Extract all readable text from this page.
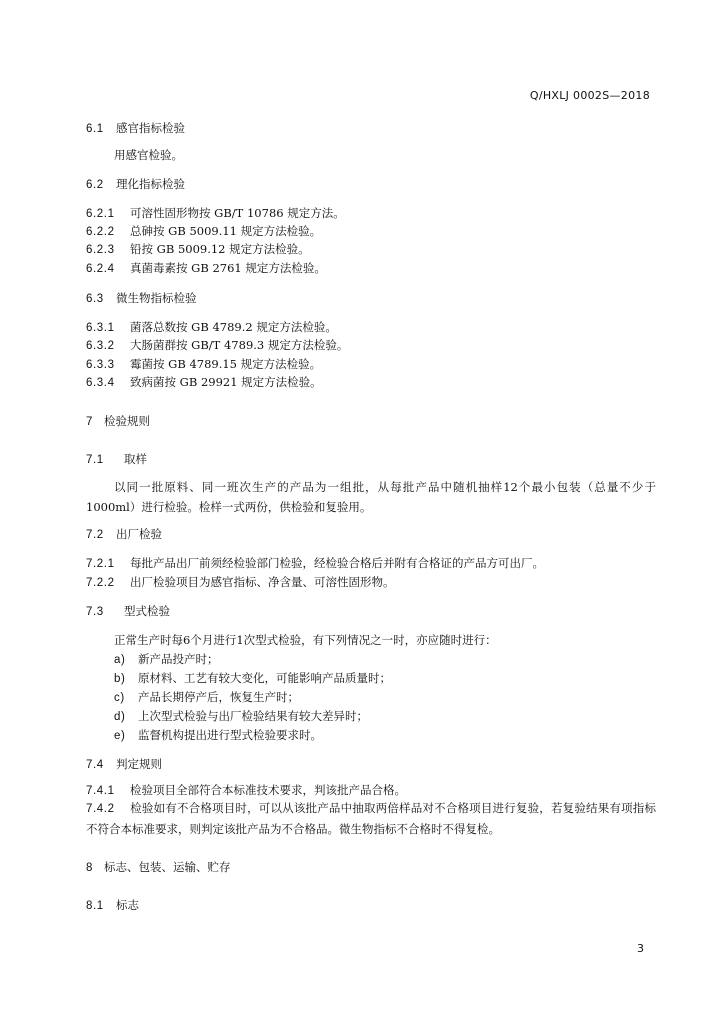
Q/HXLJ 0002S—2018
6.1 感官指标检验
用感官检验。
6.2 理化指标检验
6.2.1 可溶性固形物按 GB/T 10786 规定方法。
6.2.2 总砷按 GB 5009.11 规定方法检验。
6.2.3 铅按 GB 5009.12 规定方法检验。
6.2.4 真菌毒素按 GB 2761 规定方法检验。
6.3 微生物指标检验
6.3.1 菌落总数按 GB 4789.2 规定方法检验。
6.3.2 大肠菌群按 GB/T 4789.3 规定方法检验。
6.3.3 霉菌按 GB 4789.15 规定方法检验。
6.3.4 致病菌按 GB 29921 规定方法检验。
7 检验规则
7.1 取样

以同一批原料、同一班次生产的产品为一组批，从每批产品中随机抽样12个最小包装（总量不少于1000ml）进行检验。检样一式两份，供检验和复验用。

7.2 出厂检验
7.2.1 每批产品出厂前须经检验部门检验，经检验合格后并附有合格证的产品方可出厂。
7.2.2 出厂检验项目为感官指标、净含量、可溶性固形物。
7.3 型式检验
正常生产时每6个月进行1次型式检验，有下列情况之一时，亦应随时进行：
a) 新产品投产时；
b) 原材料、工艺有较大变化，可能影响产品质量时；
c) 产品长期停产后，恢复生产时；
d) 上次型式检验与出厂检验结果有较大差异时；
e) 监督机构提出进行型式检验要求时。
7.4 判定规则
7.4.1 检验项目全部符合本标准技术要求，判该批产品合格。

7.4.2 检验如有不合格项目时，可以从该批产品中抽取两倍样品对不合格项目进行复验，若复验结果有项指标不符合本标准要求，则判定该批产品为不合格品。微生物指标不合格时不得复检。

8 标志、包装、运输、贮存
8.1 标志
3
